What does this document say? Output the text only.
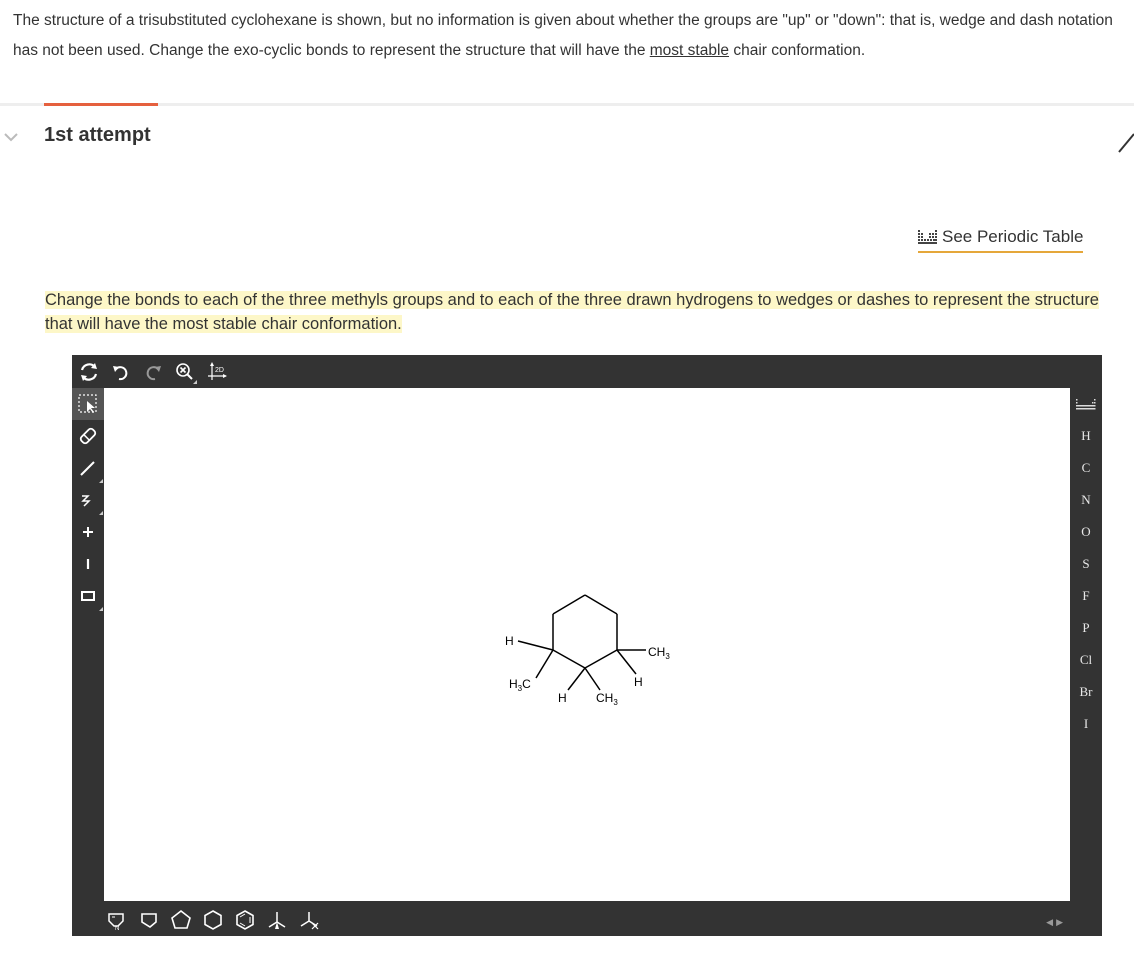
The structure of a trisubstituted cyclohexane is shown, but no information is given about whether the groups are "up" or "down": that is, wedge and dash notation has not been used. Change the exo-cyclic bonds to represent the structure that will have the most stable chair conformation.
1st attempt
See Periodic Table
Change the bonds to each of the three methyls groups and to each of the three drawn hydrogens to wedges or dashes to represent the structure that will have the most stable chair conformation.
2D
H
C
N
O
S
F
P
Cl
Br
I
H
$CH_3$
$H_3C$
H $CH_3$
H
N
◀▶
